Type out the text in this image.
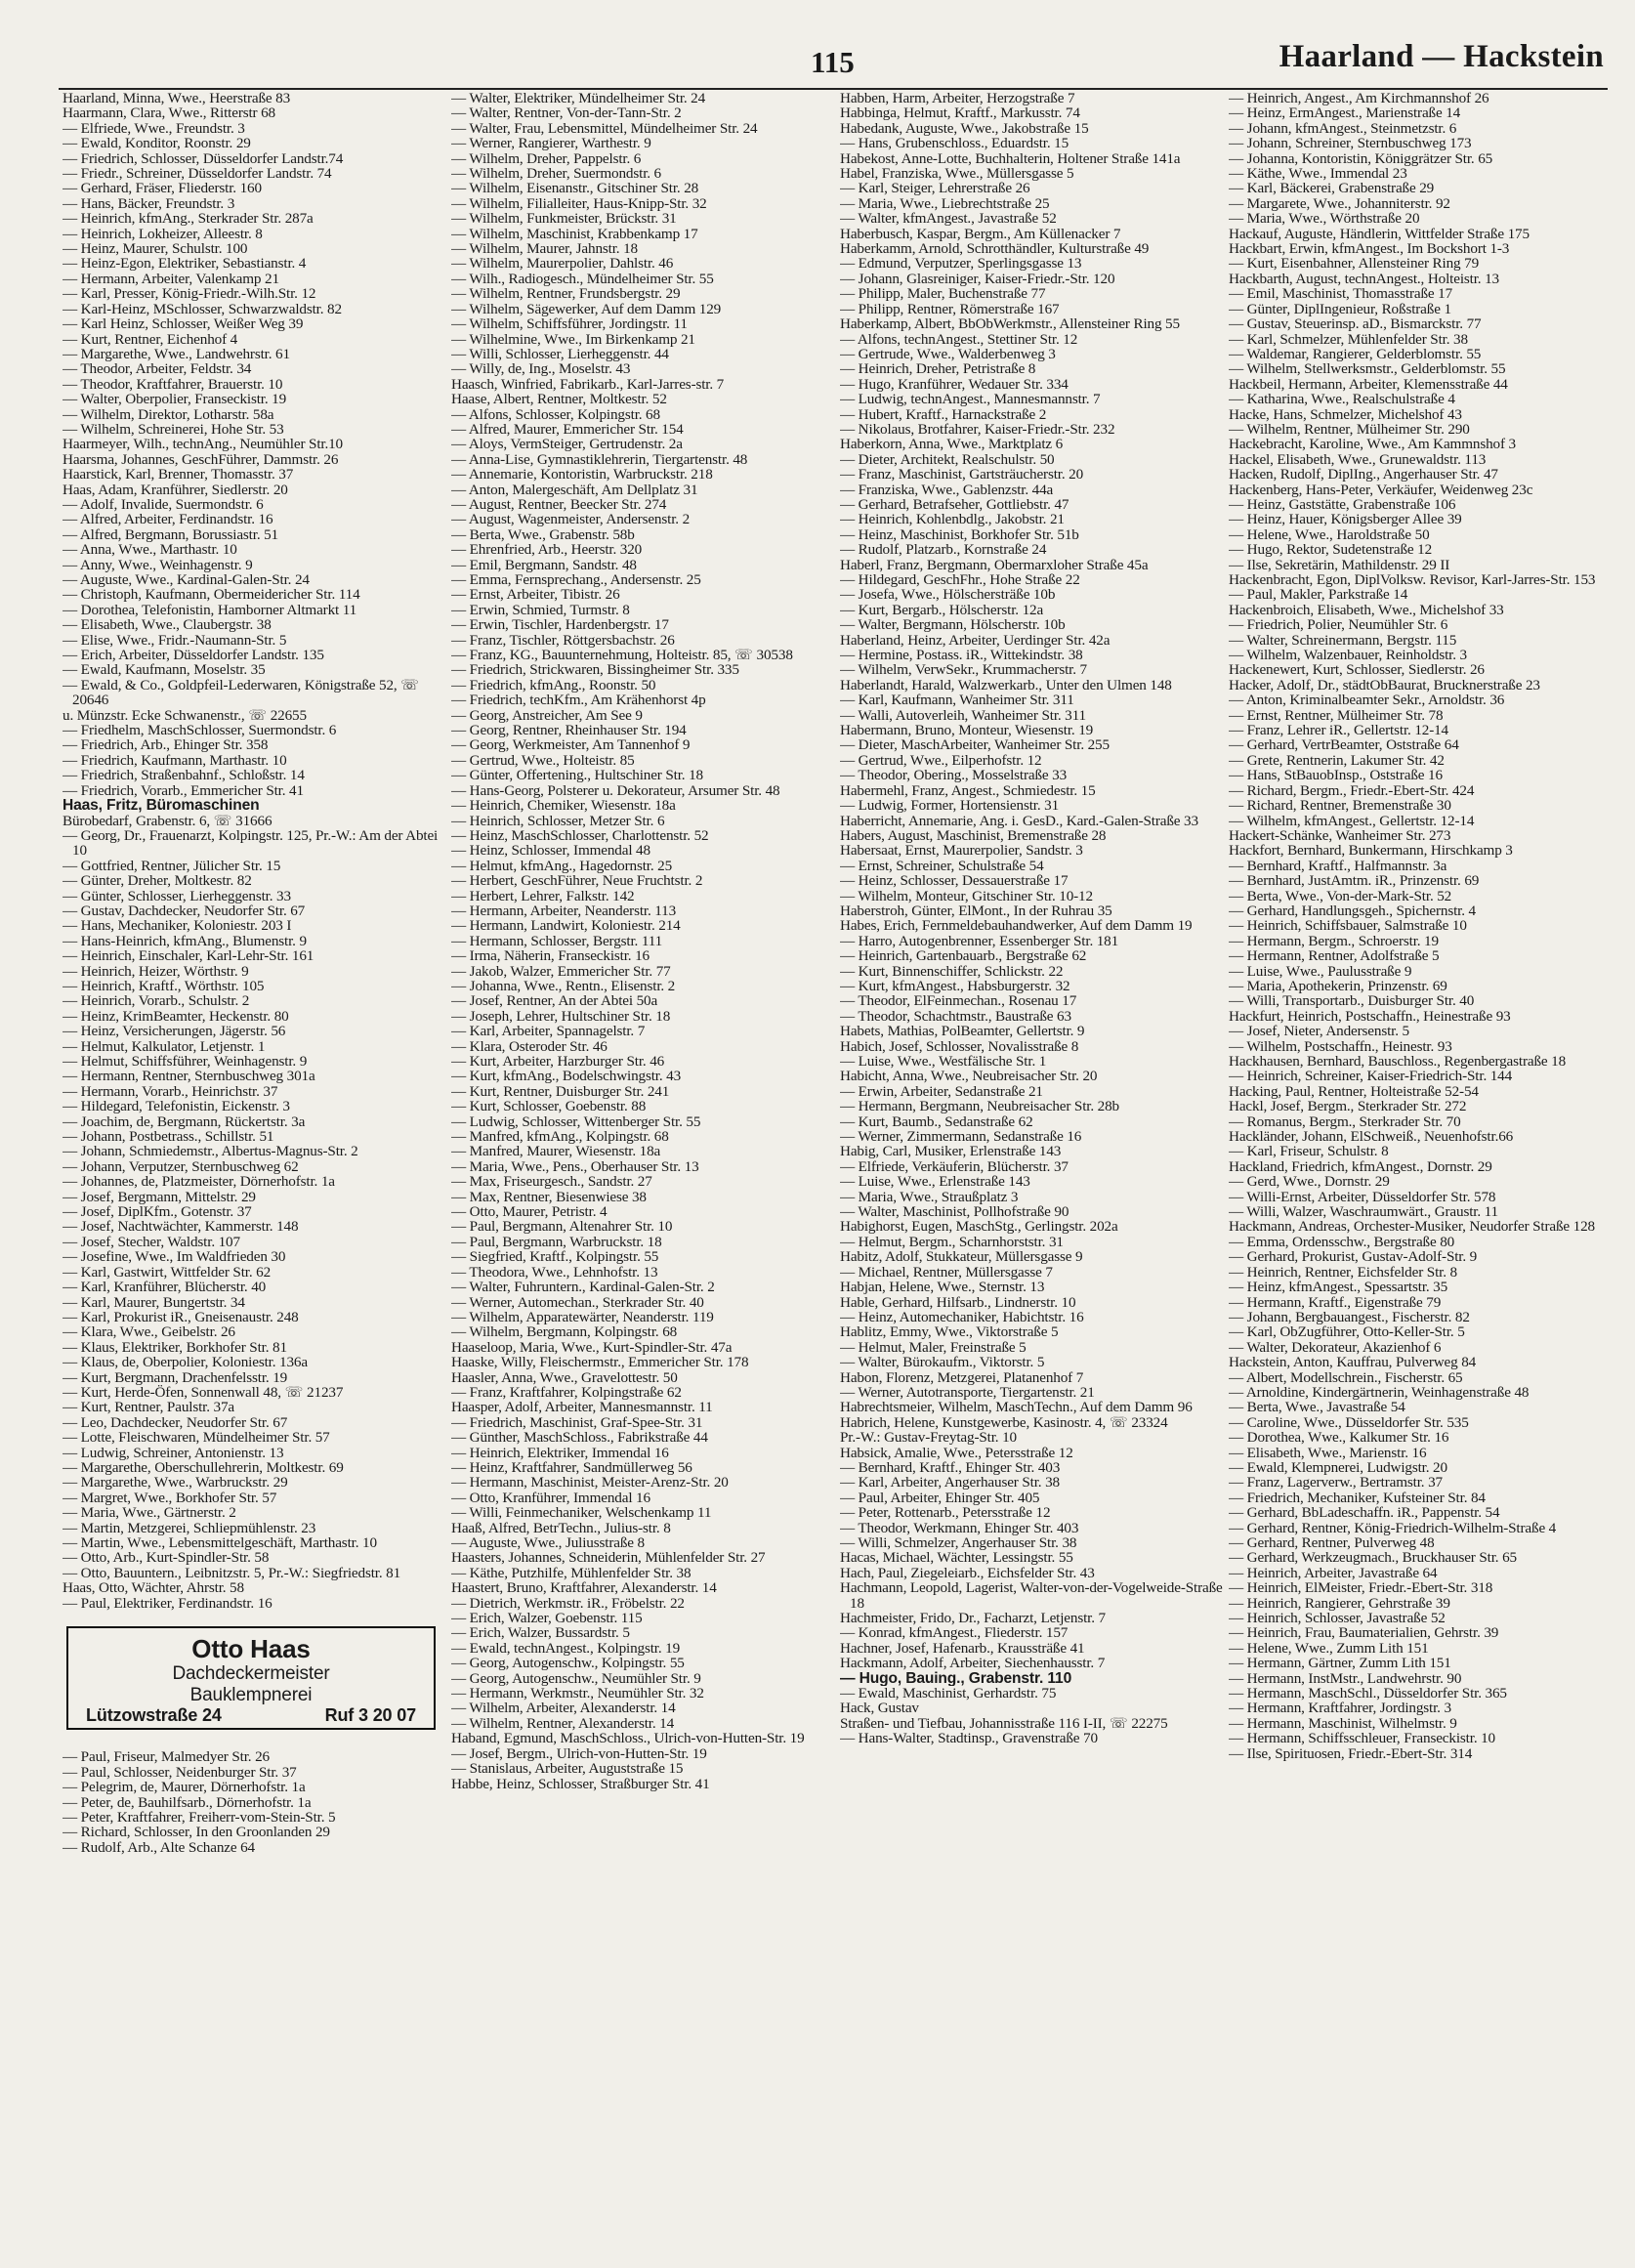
115	Haarland — Hackstein

Haarland, Minna, Wwe., Heerstraße 83

Haarmann, Clara, Wwe., Ritterstr 68

— Elfriede, Wwe., Freundstr. 3

— Ewald, Konditor, Roonstr. 29

— Friedrich, Schlosser, Düsseldorfer Landstr.74

— Friedr., Schreiner, Düsseldorfer Landstr. 74

— Gerhard, Fräser, Fliederstr. 160

— Hans, Bäcker, Freundstr. 3

— Heinrich, kfmAng., Sterkrader Str. 287a

— Heinrich, Lokheizer, Alleestr. 8

— Heinz, Maurer, Schulstr. 100

— Heinz-Egon, Elektriker, Sebastianstr. 4

— Hermann, Arbeiter, Valenkamp 21

— Karl, Presser, König-Friedr.-Wilh.Str. 12

— Karl-Heinz, MSchlosser, Schwarzwaldstr. 82

— Karl Heinz, Schlosser, Weißer Weg 39

— Kurt, Rentner, Eichenhof 4

— Margarethe, Wwe., Landwehrstr. 61

— Theodor, Arbeiter, Feldstr. 34

— Theodor, Kraftfahrer, Brauerstr. 10

— Walter, Oberpolier, Franseckistr. 19

— Wilhelm, Direktor, Lotharstr. 58a

— Wilhelm, Schreinerei, Hohe Str. 53

Haarmeyer, Wilh., technAng., Neumühler Str.10

Haarsma, Johannes, GeschFührer, Dammstr. 26

Haarstick, Karl, Brenner, Thomasstr. 37

Haas, Adam, Kranführer, Siedlerstr. 20

— Adolf, Invalide, Suermondstr. 6

— Alfred, Arbeiter, Ferdinandstr. 16

— Alfred, Bergmann, Borussiastr. 51

— Anna, Wwe., Marthastr. 10

— Anny, Wwe., Weinhagenstr. 9

— Auguste, Wwe., Kardinal-Galen-Str. 24

— Christoph, Kaufmann, Obermeidericher Str. 114

— Dorothea, Telefonistin, Hamborner Altmarkt 11

— Elisabeth, Wwe., Claubergstr. 38

— Elise, Wwe., Fridr.-Naumann-Str. 5

— Erich, Arbeiter, Düsseldorfer Landstr. 135

— Ewald, Kaufmann, Moselstr. 35

— Ewald, & Co., Goldpfeil-Lederwaren, Königstraße 52, ☏ 20646

u. Münzstr. Ecke Schwanenstr., ☏ 22655

— Friedhelm, MaschSchlosser, Suermondstr. 6

— Friedrich, Arb., Ehinger Str. 358

— Friedrich, Kaufmann, Marthastr. 10

— Friedrich, Straßenbahnf., Schloßstr. 14

— Friedrich, Vorarb., Emmericher Str. 41

Haas, Fritz, Büromaschinen

Bürobedarf, Grabenstr. 6, ☏ 31666

— Georg, Dr., Frauenarzt, Kolpingstr. 125, Pr.-W.: Am der Abtei 10

— Gottfried, Rentner, Jülicher Str. 15

— Günter, Dreher, Moltkestr. 82

— Günter, Schlosser, Lierheggenstr. 33

— Gustav, Dachdecker, Neudorfer Str. 67

— Hans, Mechaniker, Koloniestr. 203 I

— Hans-Heinrich, kfmAng., Blumenstr. 9

— Heinrich, Einschaler, Karl-Lehr-Str. 161

— Heinrich, Heizer, Wörthstr. 9

— Heinrich, Kraftf., Wörthstr. 105

— Heinrich, Vorarb., Schulstr. 2

— Heinz, KrimBeamter, Heckenstr. 80

— Heinz, Versicherungen, Jägerstr. 56

— Helmut, Kalkulator, Letjenstr. 1

— Helmut, Schiffsführer, Weinhagenstr. 9

— Hermann, Rentner, Sternbuschweg 301a

— Hermann, Vorarb., Heinrichstr. 37

— Hildegard, Telefonistin, Eickenstr. 3

— Joachim, de, Bergmann, Rückertstr. 3a

— Johann, Postbetrass., Schillstr. 51

— Johann, Schmiedemstr., Albertus-Magnus-Str. 2

— Johann, Verputzer, Sternbuschweg 62

— Johannes, de, Platzmeister, Dörnerhofstr. 1a

— Josef, Bergmann, Mittelstr. 29

— Josef, DiplKfm., Gotenstr. 37

— Josef, Nachtwächter, Kammerstr. 148

— Josef, Stecher, Waldstr. 107

— Josefine, Wwe., Im Waldfrieden 30

— Karl, Gastwirt, Wittfelder Str. 62

— Karl, Kranführer, Blücherstr. 40

— Karl, Maurer, Bungertstr. 34

— Karl, Prokurist iR., Gneisenaustr. 248

— Klara, Wwe., Geibelstr. 26

— Klaus, Elektriker, Borkhofer Str. 81

— Klaus, de, Oberpolier, Koloniestr. 136a

— Kurt, Bergmann, Drachenfelsstr. 19

— Kurt, Herde-Öfen, Sonnenwall 48, ☏ 21237

— Kurt, Rentner, Paulstr. 37a

— Leo, Dachdecker, Neudorfer Str. 67

— Lotte, Fleischwaren, Mündelheimer Str. 57

— Ludwig, Schreiner, Antonienstr. 13

— Margarethe, Oberschullehrerin, Moltkestr. 69

— Margarethe, Wwe., Warbruckstr. 29

— Margret, Wwe., Borkhofer Str. 57

— Maria, Wwe., Gärtnerstr. 2

— Martin, Metzgerei, Schliepmühlenstr. 23

— Martin, Wwe., Lebensmittelgeschäft, Marthastr. 10

— Otto, Arb., Kurt-Spindler-Str. 58

— Otto, Bauuntern., Leibnitzstr. 5, Pr.-W.: Siegfriedstr. 81

Haas, Otto, Wächter, Ahrstr. 58

— Paul, Elektriker, Ferdinandstr. 16

Otto Haas
Dachdeckermeister
Bauklempnerei
Lützowstraße 24	Ruf 3 20 07

— Paul, Friseur, Malmedyer Str. 26

— Paul, Schlosser, Neidenburger Str. 37

— Pelegrim, de, Maurer, Dörnerhofstr. 1a

— Peter, de, Bauhilfsarb., Dörnerhofstr. 1a

— Peter, Kraftfahrer, Freiherr-vom-Stein-Str. 5

— Richard, Schlosser, In den Groonlanden 29

— Rudolf, Arb., Alte Schanze 64

— Walter, Elektriker, Mündelheimer Str. 24

— Walter, Rentner, Von-der-Tann-Str. 2

— Walter, Frau, Lebensmittel, Mündelheimer Str. 24

— Werner, Rangierer, Warthestr. 9

— Wilhelm, Dreher, Pappelstr. 6

— Wilhelm, Dreher, Suermondstr. 6

— Wilhelm, Eisenanstr., Gitschiner Str. 28

— Wilhelm, Filialleiter, Haus-Knipp-Str. 32

— Wilhelm, Funkmeister, Brückstr. 31

— Wilhelm, Maschinist, Krabbenkamp 17

— Wilhelm, Maurer, Jahnstr. 18

— Wilhelm, Maurerpolier, Dahlstr. 46

— Wilh., Radiogesch., Mündelheimer Str. 55

— Wilhelm, Rentner, Frundsbergstr. 29

— Wilhelm, Sägewerker, Auf dem Damm 129

— Wilhelm, Schiffsführer, Jordingstr. 11

— Wilhelmine, Wwe., Im Birkenkamp 21

— Willi, Schlosser, Lierheggenstr. 44

— Willy, de, Ing., Moselstr. 43

Haasch, Winfried, Fabrikarb., Karl-Jarres-str. 7

Haase, Albert, Rentner, Moltkestr. 52

— Alfons, Schlosser, Kolpingstr. 68

— Alfred, Maurer, Emmericher Str. 154

— Aloys, VermSteiger, Gertrudenstr. 2a

— Anna-Lise, Gymnastiklehrerin, Tiergartenstr. 48

— Annemarie, Kontoristin, Warbruckstr. 218

— Anton, Malergeschäft, Am Dellplatz 31

— August, Rentner, Beecker Str. 274

— August, Wagenmeister, Andersenstr. 2

— Berta, Wwe., Grabenstr. 58b

— Ehrenfried, Arb., Heerstr. 320

— Emil, Bergmann, Sandstr. 48

— Emma, Fernsprechang., Andersenstr. 25

— Ernst, Arbeiter, Tibistr. 26

— Erwin, Schmied, Turmstr. 8

— Erwin, Tischler, Hardenbergstr. 17

— Franz, Tischler, Röttgersbachstr. 26

— Franz, KG., Bauunternehmung, Holteistr. 85, ☏ 30538

— Friedrich, Strickwaren, Bissingheimer Str. 335

— Friedrich, kfmAng., Roonstr. 50

— Friedrich, techKfm., Am Krähenhorst 4p

— Georg, Anstreicher, Am See 9

— Georg, Rentner, Rheinhauser Str. 194

— Georg, Werkmeister, Am Tannenhof 9

— Gertrud, Wwe., Holteistr. 85

— Günter, Offertening., Hultschiner Str. 18

— Hans-Georg, Polsterer u. Dekorateur, Arsumer Str. 48

— Heinrich, Chemiker, Wiesenstr. 18a

— Heinrich, Schlosser, Metzer Str. 6

— Heinz, MaschSchlosser, Charlottenstr. 52

— Heinz, Schlosser, Immendal 48

— Helmut, kfmAng., Hagedornstr. 25

— Herbert, GeschFührer, Neue Fruchtstr. 2

— Herbert, Lehrer, Falkstr. 142

— Hermann, Arbeiter, Neanderstr. 113

— Hermann, Landwirt, Koloniestr. 214

— Hermann, Schlosser, Bergstr. 111

— Irma, Näherin, Franseckistr. 16

— Jakob, Walzer, Emmericher Str. 77

— Johanna, Wwe., Rentn., Elisenstr. 2

— Josef, Rentner, An der Abtei 50a

— Joseph, Lehrer, Hultschiner Str. 18

— Karl, Arbeiter, Spannagelstr. 7

— Klara, Osteroder Str. 46

— Kurt, Arbeiter, Harzburger Str. 46

— Kurt, kfmAng., Bodelschwingstr. 43

— Kurt, Rentner, Duisburger Str. 241

— Kurt, Schlosser, Goebenstr. 88

— Ludwig, Schlosser, Wittenberger Str. 55

— Manfred, kfmAng., Kolpingstr. 68

— Manfred, Maurer, Wiesenstr. 18a

— Maria, Wwe., Pens., Oberhauser Str. 13

— Max, Friseurgesch., Sandstr. 27

— Max, Rentner, Biesenwiese 38

— Otto, Maurer, Petristr. 4

— Paul, Bergmann, Altenahrer Str. 10

— Paul, Bergmann, Warbruckstr. 18

— Siegfried, Kraftf., Kolpingstr. 55

— Theodora, Wwe., Lehnhofstr. 13

— Walter, Fuhruntern., Kardinal-Galen-Str. 2

— Werner, Automechan., Sterkrader Str. 40

— Wilhelm, Apparatewärter, Neanderstr. 119

— Wilhelm, Bergmann, Kolpingstr. 68

Haaseloop, Maria, Wwe., Kurt-Spindler-Str. 47a

Haaske, Willy, Fleischermstr., Emmericher Str. 178

Haasler, Anna, Wwe., Gravelottestr. 50

— Franz, Kraftfahrer, Kolpingstraße 62

Haasper, Adolf, Arbeiter, Mannesmannstr. 11

— Friedrich, Maschinist, Graf-Spee-Str. 31

— Günther, MaschSchloss., Fabrikstraße 44

— Heinrich, Elektriker, Immendal 16

— Heinz, Kraftfahrer, Sandmüllerweg 56

— Hermann, Maschinist, Meister-Arenz-Str. 20

— Otto, Kranführer, Immendal 16

— Willi, Feinmechaniker, Welschenkamp 11

Haaß, Alfred, BetrTechn., Julius-str. 8

— Auguste, Wwe., Juliusstraße 8

Haasters, Johannes, Schneiderin, Mühlenfelder Str. 27

— Käthe, Putzhilfe, Mühlenfelder Str. 38

Haastert, Bruno, Kraftfahrer, Alexanderstr. 14

— Dietrich, Werkmstr. iR., Fröbelstr. 22

— Erich, Walzer, Goebenstr. 115

— Erich, Walzer, Bussardstr. 5

— Ewald, technAngest., Kolpingstr. 19

— Georg, Autogenschw., Kolpingstr. 55

— Georg, Autogenschw., Neumühler Str. 9

— Hermann, Werkmstr., Neumühler Str. 32

— Wilhelm, Arbeiter, Alexanderstr. 14

— Wilhelm, Rentner, Alexanderstr. 14

Haband, Egmund, MaschSchloss., Ulrich-von-Hutten-Str. 19

— Josef, Bergm., Ulrich-von-Hutten-Str. 19

— Stanislaus, Arbeiter, Auguststraße 15

Habbe, Heinz, Schlosser, Straßburger Str. 41

Habben, Harm, Arbeiter, Herzogstraße 7

Habbinga, Helmut, Kraftf., Markusstr. 74

Habedank, Auguste, Wwe., Jakobstraße 15

— Hans, Grubenschloss., Eduardstr. 15

Habekost, Anne-Lotte, Buchhalterin, Holtener Straße 141a

Habel, Franziska, Wwe., Müllersgasse 5

— Karl, Steiger, Lehrerstraße 26

— Maria, Wwe., Liebrechtstraße 25

— Walter, kfmAngest., Javastraße 52

Haberbusch, Kaspar, Bergm., Am Küllenacker 7

Haberkamm, Arnold, Schrotthändler, Kulturstraße 49

— Edmund, Verputzer, Sperlingsgasse 13

— Johann, Glasreiniger, Kaiser-Friedr.-Str. 120

— Philipp, Maler, Buchenstraße 77

— Philipp, Rentner, Römerstraße 167

Haberkamp, Albert, BbObWerkmstr., Allensteiner Ring 55

— Alfons, technAngest., Stettiner Str. 12

— Gertrude, Wwe., Walderbenweg 3

— Heinrich, Dreher, Petristraße 8

— Hugo, Kranführer, Wedauer Str. 334

— Ludwig, technAngest., Mannesmannstr. 7

— Hubert, Kraftf., Harnackstraße 2

— Nikolaus, Brotfahrer, Kaiser-Friedr.-Str. 232

Haberkorn, Anna, Wwe., Marktplatz 6

— Dieter, Architekt, Realschulstr. 50

— Franz, Maschinist, Gartsträucherstr. 20

— Franziska, Wwe., Gablenzstr. 44a

— Gerhard, Betrafseher, Gottliebstr. 47

— Heinrich, Kohlenbdlg., Jakobstr. 21

— Heinz, Maschinist, Borkhofer Str. 51b

— Rudolf, Platzarb., Kornstraße 24

Haberl, Franz, Bergmann, Obermarxloher Straße 45a

— Hildegard, GeschFhr., Hohe Straße 22

— Josefa, Wwe., Hölschersträße 10b

— Kurt, Bergarb., Hölscherstr. 12a

— Walter, Bergmann, Hölscherstr. 10b

Haberland, Heinz, Arbeiter, Uerdinger Str. 42a

— Hermine, Postass. iR., Wittekindstr. 38

— Wilhelm, VerwSekr., Krummacherstr. 7

Haberlandt, Harald, Walzwerkarb., Unter den Ulmen 148

— Karl, Kaufmann, Wanheimer Str. 311

— Walli, Autoverleih, Wanheimer Str. 311

Habermann, Bruno, Monteur, Wiesenstr. 19

— Dieter, MaschArbeiter, Wanheimer Str. 255

— Gertrud, Wwe., Eilperhofstr. 12

— Theodor, Obering., Mosselstraße 33

Habermehl, Franz, Angest., Schmiedestr. 15

— Ludwig, Former, Hortensienstr. 31

Haberricht, Annemarie, Ang. i. GesD., Kard.-Galen-Straße 33

Habers, August, Maschinist, Bremenstraße 28

Habersaat, Ernst, Maurerpolier, Sandstr. 3

— Ernst, Schreiner, Schulstraße 54

— Heinz, Schlosser, Dessauerstraße 17

— Wilhelm, Monteur, Gitschiner Str. 10-12

Haberstroh, Günter, ElMont., In der Ruhrau 35

Habes, Erich, Fernmeldebauhandwerker, Auf dem Damm 19

— Harro, Autogenbrenner, Essenberger Str. 181

— Heinrich, Gartenbauarb., Bergstraße 62

— Kurt, Binnenschiffer, Schlickstr. 22

— Kurt, kfmAngest., Habsburgerstr. 32

— Theodor, ElFeinmechan., Rosenau 17

— Theodor, Schachtmstr., Baustraße 63

Habets, Mathias, PolBeamter, Gellertstr. 9

Habich, Josef, Schlosser, Novalisstraße 8

— Luise, Wwe., Westfälische Str. 1

Habicht, Anna, Wwe., Neubreisacher Str. 20

— Erwin, Arbeiter, Sedanstraße 21

— Hermann, Bergmann, Neubreisacher Str. 28b

— Kurt, Baumb., Sedanstraße 62

— Werner, Zimmermann, Sedanstraße 16

Habig, Carl, Musiker, Erlenstraße 143

— Elfriede, Verkäuferin, Blücherstr. 37

— Luise, Wwe., Erlenstraße 143

— Maria, Wwe., Straußplatz 3

— Walter, Maschinist, Pollhofstraße 90

Habighorst, Eugen, MaschStg., Gerlingstr. 202a

— Helmut, Bergm., Scharnhorststr. 31

Habitz, Adolf, Stukkateur, Müllersgasse 9

— Michael, Rentner, Müllersgasse 7

Habjan, Helene, Wwe., Sternstr. 13

Hable, Gerhard, Hilfsarb., Lindnerstr. 10

— Heinz, Automechaniker, Habichtstr. 16

Hablitz, Emmy, Wwe., Viktorstraße 5

— Helmut, Maler, Freinstraße 5

— Walter, Bürokaufm., Viktorstr. 5

Habon, Florenz, Metzgerei, Platanenhof 7

— Werner, Autotransporte, Tiergartenstr. 21

Habrechtsmeier, Wilhelm, MaschTechn., Auf dem Damm 96

Habrich, Helene, Kunstgewerbe, Kasinostr. 4, ☏ 23324

Pr.-W.: Gustav-Freytag-Str. 10

Habsick, Amalie, Wwe., Petersstraße 12

— Bernhard, Kraftf., Ehinger Str. 403

— Karl, Arbeiter, Angerhauser Str. 38

— Paul, Arbeiter, Ehinger Str. 405

— Peter, Rottenarb., Petersstraße 12

— Theodor, Werkmann, Ehinger Str. 403

— Willi, Schmelzer, Angerhauser Str. 38

Hacas, Michael, Wächter, Lessingstr. 55

Hach, Paul, Ziegeleiarb., Eichsfelder Str. 43

Hachmann, Leopold, Lagerist, Walter-von-der-Vogelweide-Straße 18

Hachmeister, Frido, Dr., Facharzt, Letjenstr. 7

— Konrad, kfmAngest., Fliederstr. 157

Hachner, Josef, Hafenarb., Kraussträße 41

Hackmann, Adolf, Arbeiter, Siechenhausstr. 7

— Hugo, Bauing., Grabenstr. 110

— Ewald, Maschinist, Gerhardstr. 75

Hack, Gustav

Straßen- und Tiefbau, Johannisstraße 116 I-II, ☏ 22275

— Hans-Walter, Stadtinsp., Gravenstraße 70

— Heinrich, Angest., Am Kirchmannshof 26

— Heinz, ErmAngest., Marienstraße 14

— Johann, kfmAngest., Steinmetzstr. 6

— Johann, Schreiner, Sternbuschweg 173

— Johanna, Kontoristin, Königgrätzer Str. 65

— Käthe, Wwe., Immendal 23

— Karl, Bäckerei, Grabenstraße 29

— Margarete, Wwe., Johanniterstr. 92

— Maria, Wwe., Wörthstraße 20

Hackauf, Auguste, Händlerin, Wittfelder Straße 175

Hackbart, Erwin, kfmAngest., Im Bockshort 1-3

— Kurt, Eisenbahner, Allensteiner Ring 79

Hackbarth, August, technAngest., Holteistr. 13

— Emil, Maschinist, Thomasstraße 17

— Günter, DiplIngenieur, Roßstraße 1

— Gustav, Steuerinsp. aD., Bismarckstr. 77

— Karl, Schmelzer, Mühlenfelder Str. 38

— Waldemar, Rangierer, Gelderblomstr. 55

— Wilhelm, Stellwerksmstr., Gelderblomstr. 55

Hackbeil, Hermann, Arbeiter, Klemensstraße 44

— Katharina, Wwe., Realschulstraße 4

Hacke, Hans, Schmelzer, Michelshof 43

— Wilhelm, Rentner, Mülheimer Str. 290

Hackebracht, Karoline, Wwe., Am Kammnshof 3

Hackel, Elisabeth, Wwe., Grunewaldstr. 113

Hacken, Rudolf, DiplIng., Angerhauser Str. 47

Hackenberg, Hans-Peter, Verkäufer, Weidenweg 23c

— Heinz, Gaststätte, Grabenstraße 106

— Heinz, Hauer, Königsberger Allee 39

— Helene, Wwe., Haroldstraße 50

— Hugo, Rektor, Sudetenstraße 12

— Ilse, Sekretärin, Mathildenstr. 29 II

Hackenbracht, Egon, DiplVolksw. Revisor, Karl-Jarres-Str. 153

— Paul, Makler, Parkstraße 14

Hackenbroich, Elisabeth, Wwe., Michelshof 33

— Friedrich, Polier, Neumühler Str. 6

— Walter, Schreinermann, Bergstr. 115

— Wilhelm, Walzenbauer, Reinholdstr. 3

Hackenewert, Kurt, Schlosser, Siedlerstr. 26

Hacker, Adolf, Dr., städtObBaurat, Brucknerstraße 23

— Anton, Kriminalbeamter Sekr., Arnoldstr. 36

— Ernst, Rentner, Mülheimer Str. 78

— Franz, Lehrer iR., Gellertstr. 12-14

— Gerhard, VertrBeamter, Oststraße 64

— Grete, Rentnerin, Lakumer Str. 42

— Hans, StBauobInsp., Oststraße 16

— Richard, Bergm., Friedr.-Ebert-Str. 424

— Richard, Rentner, Bremenstraße 30

— Wilhelm, kfmAngest., Gellertstr. 12-14

Hackert-Schänke, Wanheimer Str. 273

Hackfort, Bernhard, Bunkermann, Hirschkamp 3

— Bernhard, Kraftf., Halfmannstr. 3a

— Bernhard, JustAmtm. iR., Prinzenstr. 69

— Berta, Wwe., Von-der-Mark-Str. 52

— Gerhard, Handlungsgeh., Spichernstr. 4

— Heinrich, Schiffsbauer, Salmstraße 10

— Hermann, Bergm., Schroerstr. 19

— Hermann, Rentner, Adolfstraße 5

— Luise, Wwe., Paulusstraße 9

— Maria, Apothekerin, Prinzenstr. 69

— Willi, Transportarb., Duisburger Str. 40

Hackfurt, Heinrich, Postschaffn., Heinestraße 93

— Josef, Nieter, Andersenstr. 5

— Wilhelm, Postschaffn., Heinestr. 93

Hackhausen, Bernhard, Bauschloss., Regenbergastraße 18

— Heinrich, Schreiner, Kaiser-Friedrich-Str. 144

Hacking, Paul, Rentner, Holteistraße 52-54

Hackl, Josef, Bergm., Sterkrader Str. 272

— Romanus, Bergm., Sterkrader Str. 70

Hackländer, Johann, ElSchweiß., Neuenhofstr.66

— Karl, Friseur, Schulstr. 8

Hackland, Friedrich, kfmAngest., Dornstr. 29

— Gerd, Wwe., Dornstr. 29

— Willi-Ernst, Arbeiter, Düsseldorfer Str. 578

— Willi, Walzer, Waschraumwärt., Graustr. 11

Hackmann, Andreas, Orchester-Musiker, Neudorfer Straße 128

— Emma, Ordensschw., Bergstraße 80

— Gerhard, Prokurist, Gustav-Adolf-Str. 9

— Heinrich, Rentner, Eichsfelder Str. 8

— Heinz, kfmAngest., Spessartstr. 35

— Hermann, Kraftf., Eigenstraße 79

— Johann, Bergbauangest., Fischerstr. 82

— Karl, ObZugführer, Otto-Keller-Str. 5

— Walter, Dekorateur, Akazienhof 6

Hackstein, Anton, Kauffrau, Pulverweg 84

— Albert, Modellschrein., Fischerstr. 65

— Arnoldine, Kindergärtnerin, Weinhagenstraße 48

— Berta, Wwe., Javastraße 54

— Caroline, Wwe., Düsseldorfer Str. 535

— Dorothea, Wwe., Kalkumer Str. 16

— Elisabeth, Wwe., Marienstr. 16

— Ewald, Klempnerei, Ludwigstr. 20

— Franz, Lagerverw., Bertramstr. 37

— Friedrich, Mechaniker, Kufsteiner Str. 84

— Gerhard, BbLadeschaffn. iR., Pappenstr. 54

— Gerhard, Rentner, König-Friedrich-Wilhelm-Straße 4

— Gerhard, Rentner, Pulverweg 48

— Gerhard, Werkzeugmach., Bruckhauser Str. 65

— Heinrich, Arbeiter, Javastraße 64

— Heinrich, ElMeister, Friedr.-Ebert-Str. 318

— Heinrich, Rangierer, Gehrstraße 39

— Heinrich, Schlosser, Javastraße 52

— Heinrich, Frau, Baumaterialien, Gehrstr. 39

— Helene, Wwe., Zumm Lith 151

— Hermann, Gärtner, Zumm Lith 151

— Hermann, InstMstr., Landwehrstr. 90

— Hermann, MaschSchl., Düsseldorfer Str. 365

— Hermann, Kraftfahrer, Jordingstr. 3

— Hermann, Maschinist, Wilhelmstr. 9

— Hermann, Schiffsschleuer, Franseckistr. 10

— Ilse, Spirituosen, Friedr.-Ebert-Str. 314
